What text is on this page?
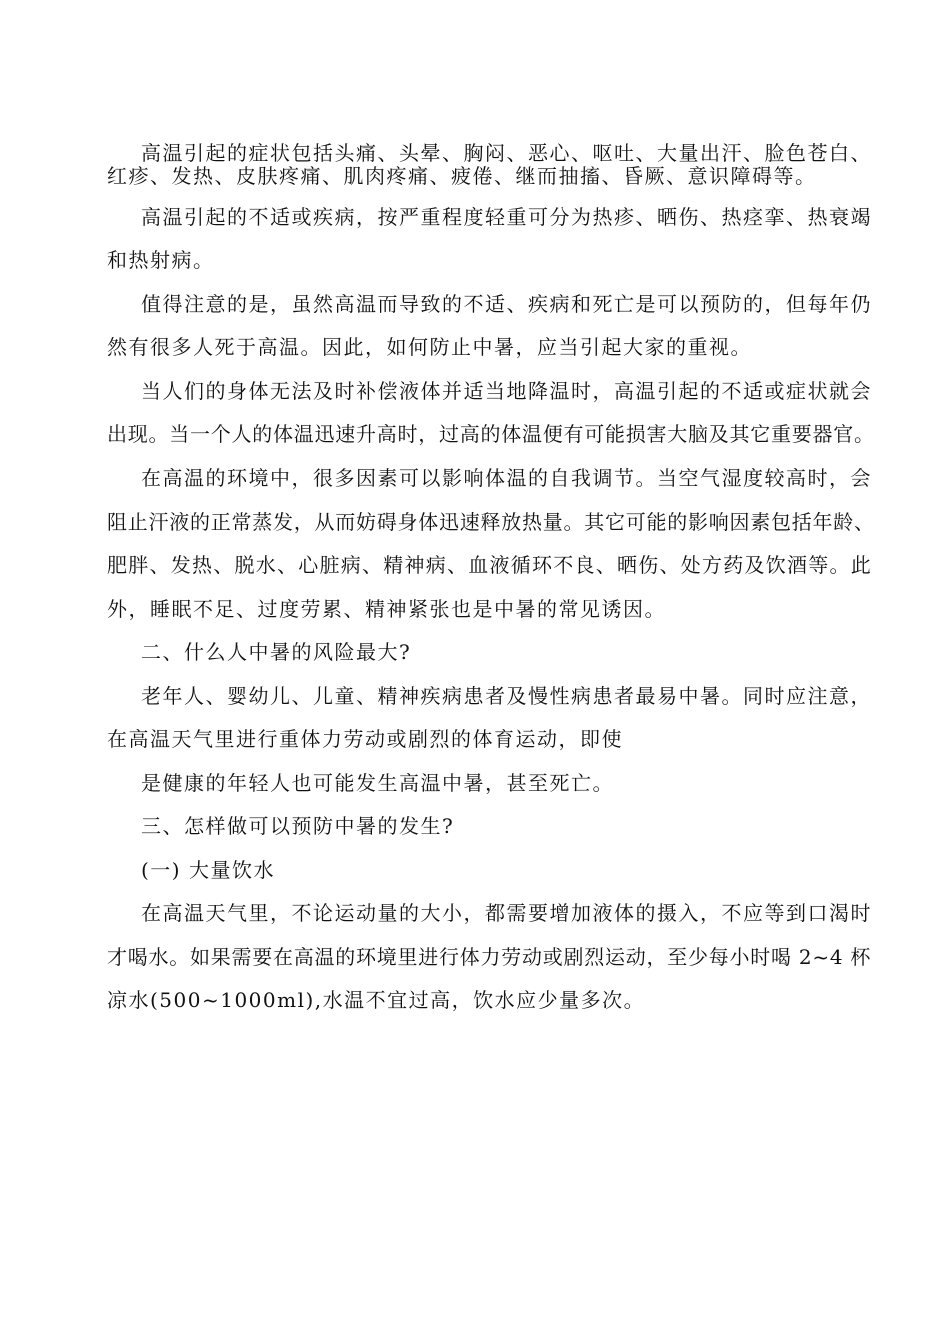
高温引起的症状包括头痛、头晕、胸闷、恶心、呕吐、大量出汗、脸色苍白、
红疹、发热、皮肤疼痛、肌肉疼痛、疲倦、继而抽搐、昏厥、意识障碍等。
高温引起的不适或疾病，按严重程度轻重可分为热疹、晒伤、热痉挛、热衰竭
和热射病。
值得注意的是，虽然高温而导致的不适、疾病和死亡是可以预防的，但每年仍
然有很多人死于高温。因此，如何防止中暑，应当引起大家的重视。
当人们的身体无法及时补偿液体并适当地降温时，高温引起的不适或症状就会
出现。当一个人的体温迅速升高时，过高的体温便有可能损害大脑及其它重要器官。
在高温的环境中，很多因素可以影响体温的自我调节。当空气湿度较高时，会
阻止汗液的正常蒸发，从而妨碍身体迅速释放热量。其它可能的影响因素包括年龄、
肥胖、发热、脱水、心脏病、精神病、血液循环不良、晒伤、处方药及饮酒等。此
外，睡眠不足、过度劳累、精神紧张也是中暑的常见诱因。
二、什么人中暑的风险最大?
老年人、婴幼儿、儿童、精神疾病患者及慢性病患者最易中暑。同时应注意，
在高温天气里进行重体力劳动或剧烈的体育运动，即使
是健康的年轻人也可能发生高温中暑，甚至死亡。
三、怎样做可以预防中暑的发生?
(一) 大量饮水
在高温天气里，不论运动量的大小，都需要增加液体的摄入，不应等到口渴时
才喝水。如果需要在高温的环境里进行体力劳动或剧烈运动，至少每小时喝 2~4 杯
凉水(500~1000ml),水温不宜过高，饮水应少量多次。
